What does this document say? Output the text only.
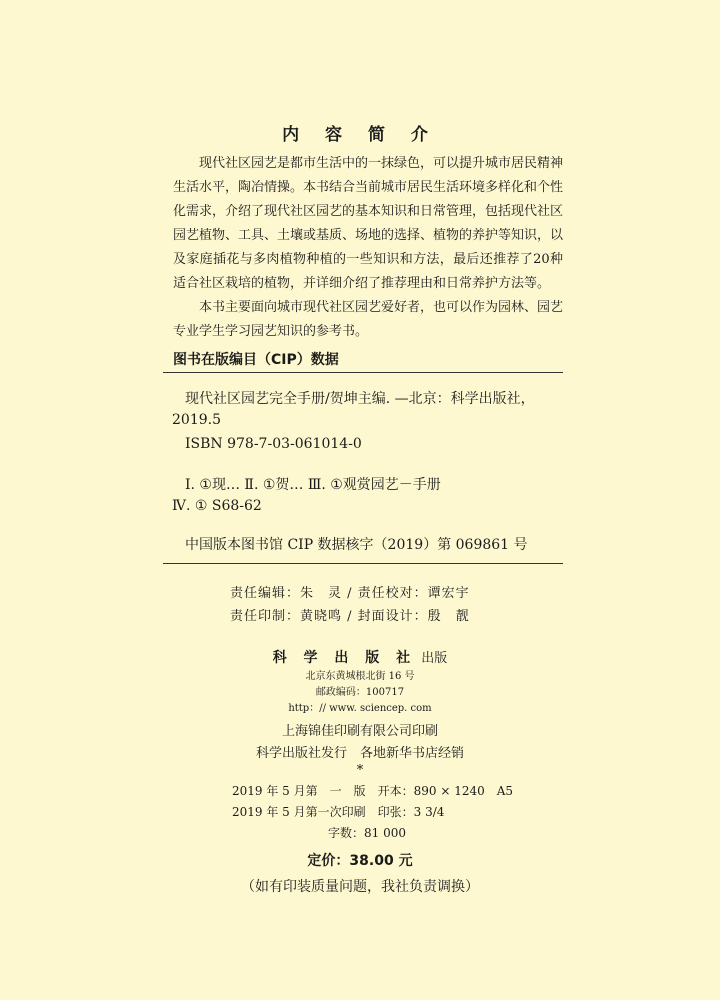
内 容 简 介

现代社区园艺是都市生活中的一抹绿色，可以提升城市居民精神生活水平，陶冶情操。本书结合当前城市居民生活环境多样化和个性化需求，介绍了现代社区园艺的基本知识和日常管理，包括现代社区园艺植物、工具、土壤或基质、场地的选择、植物的养护等知识，以及家庭插花与多肉植物种植的一些知识和方法，最后还推荐了20种适合社区栽培的植物，并详细介绍了推荐理由和日常养护方法等。

本书主要面向城市现代社区园艺爱好者，也可以作为园林、园艺专业学生学习园艺知识的参考书。

图书在版编目（CIP）数据
现代社区园艺完全手册/贺坤主编. —北京：科学出版社，
2019.5
ISBN 978-7-03-061014-0
Ⅰ. ①现… Ⅱ. ①贺… Ⅲ. ①观赏园艺－手册
Ⅳ. ① S68-62
中国版本图书馆 CIP 数据核字（2019）第 069861 号
责任编辑：朱　灵 / 责任校对：谭宏宇
责任印制：黄晓鸣 / 封面设计：殷　靓
科 学 出 版 社 出版
北京东黄城根北街 16 号
邮政编码：100717
http：// www. sciencep. com
上海锦佳印刷有限公司印刷
科学出版社发行　各地新华书店经销
*
2019 年 5 月第　一　版　开本：890 × 1240　A5
2019 年 5 月第一次印刷　印张：3 3/4
字数：81 000
定价：38.00 元
（如有印装质量问题，我社负责调换）
